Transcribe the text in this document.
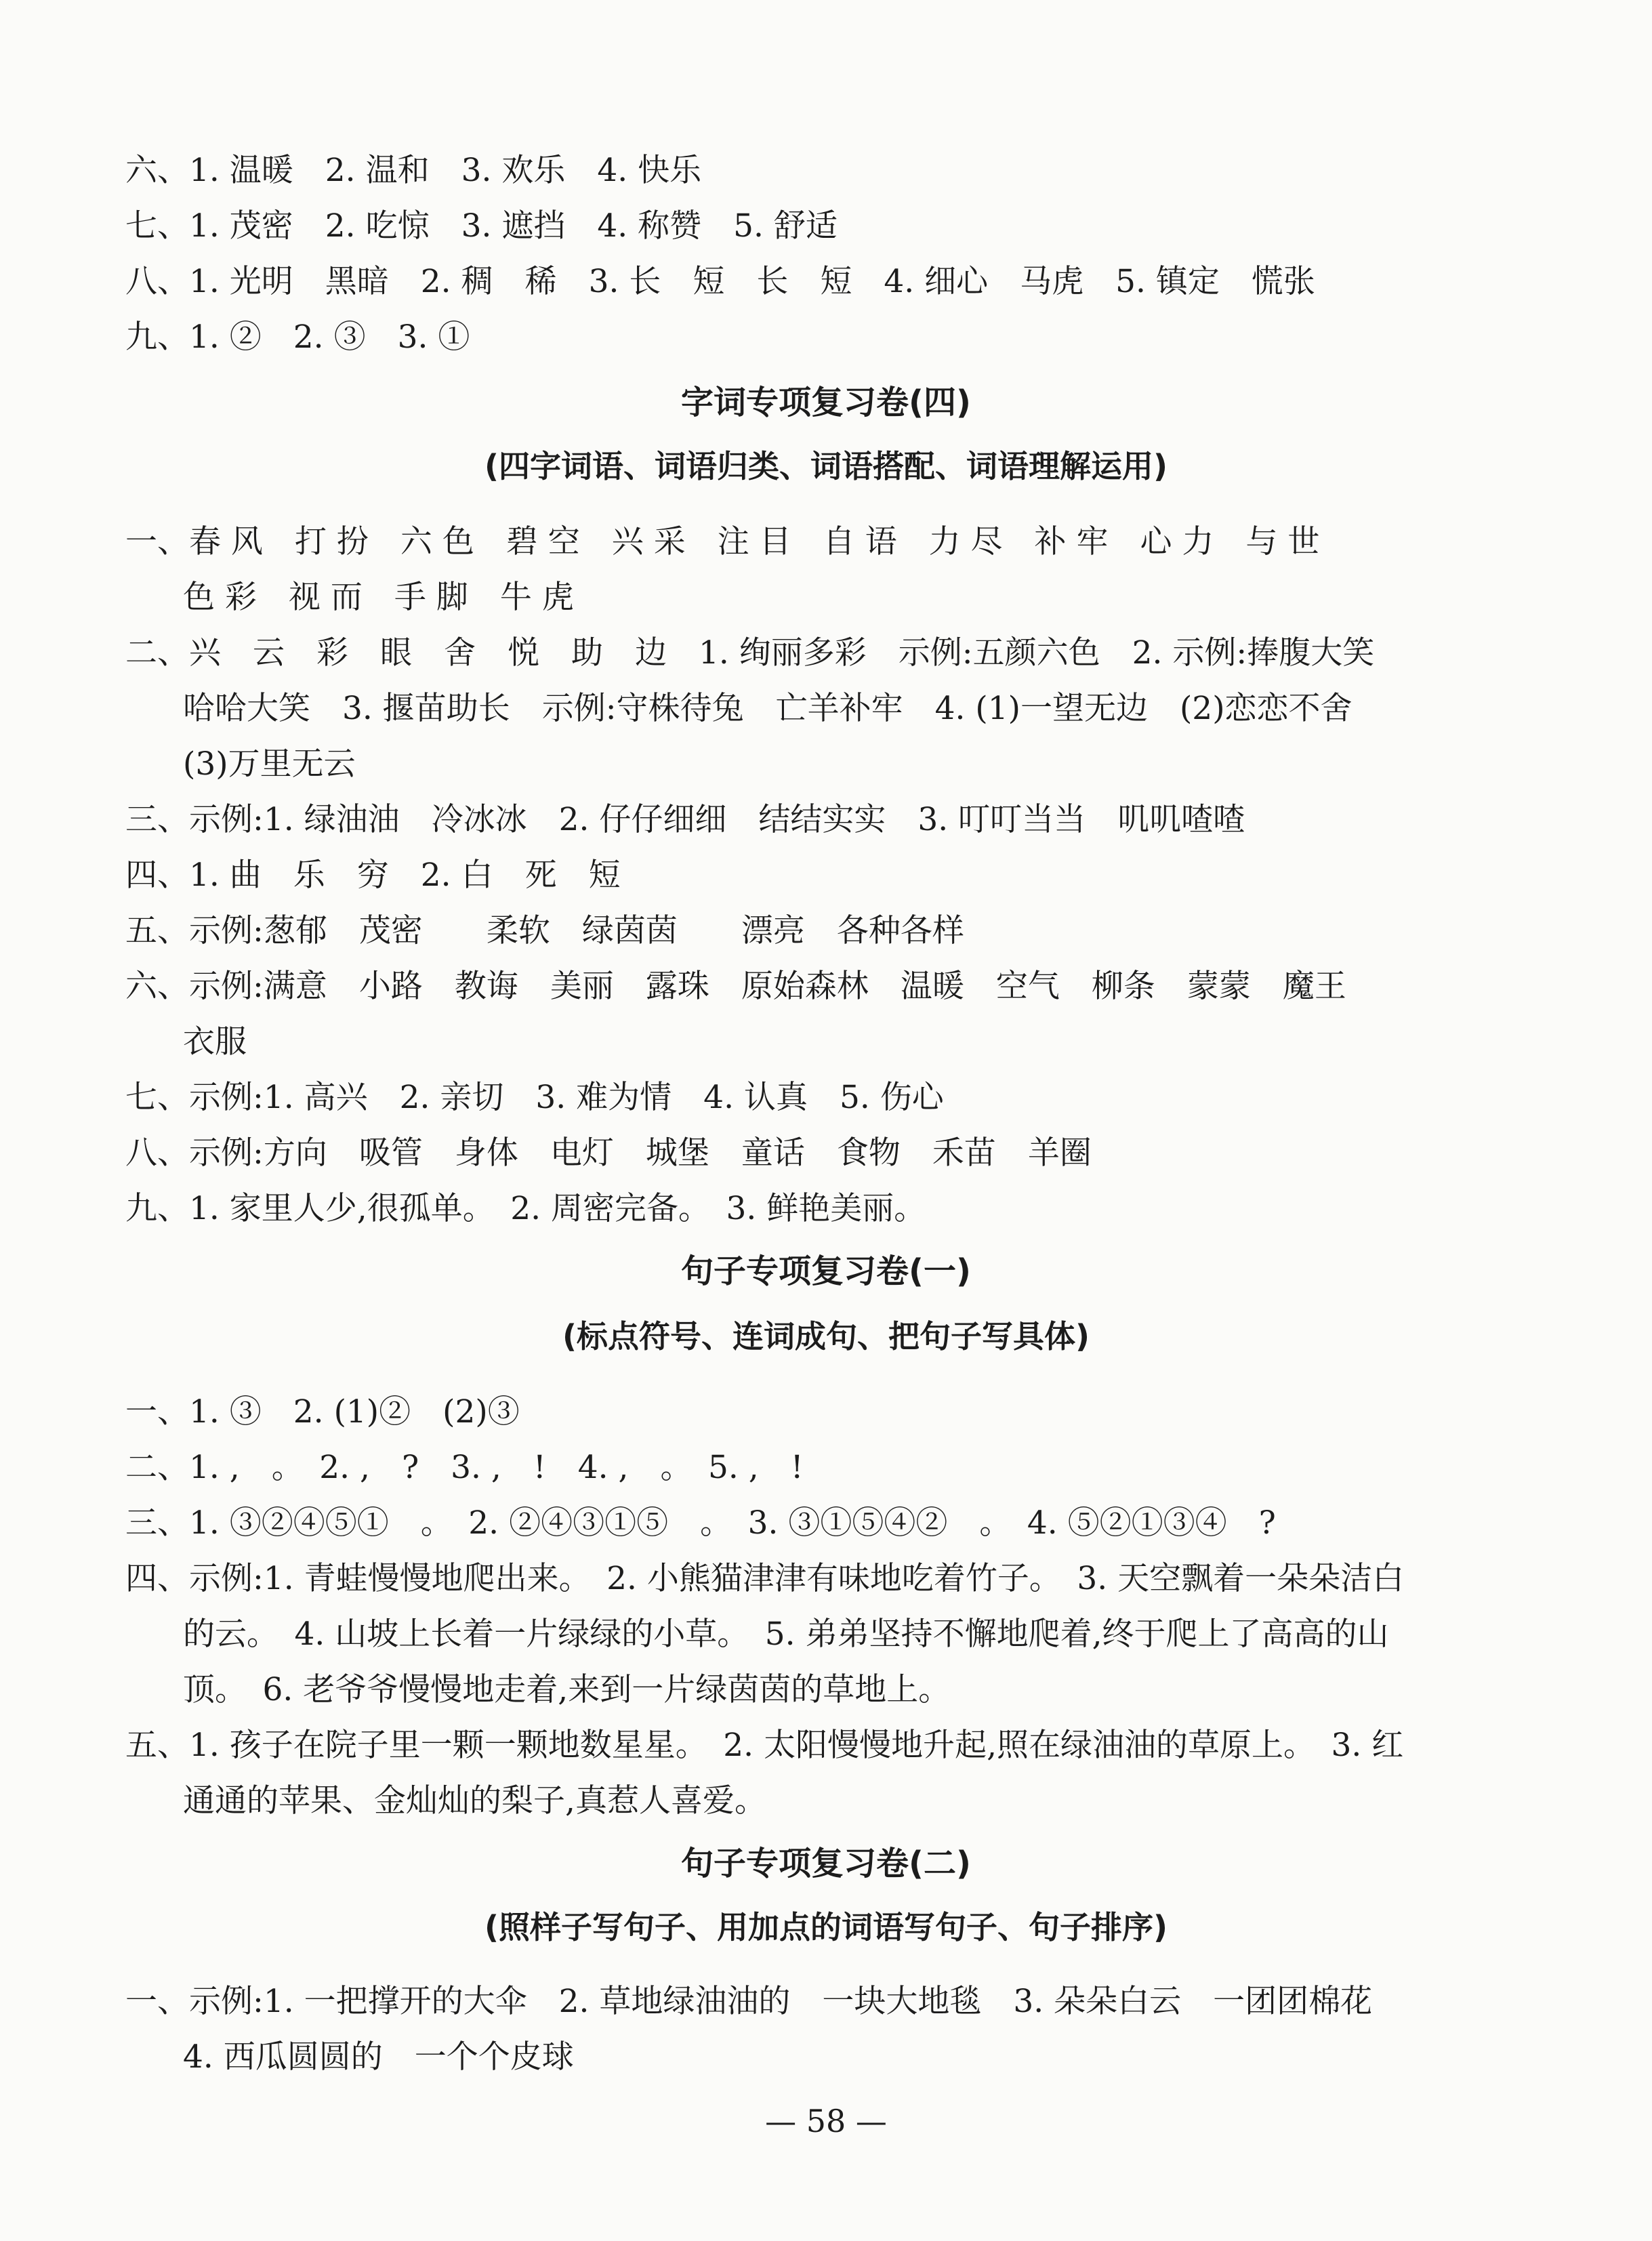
六、1. 温暖　2. 温和　3. 欢乐　4. 快乐
七、1. 茂密　2. 吃惊　3. 遮挡　4. 称赞　5. 舒适
八、1. 光明　黑暗　2. 稠　稀　3. 长　短　长　短　4. 细心　马虎　5. 镇定　慌张
九、1. ②　2. ③　3. ①
字词专项复习卷(四)
(四字词语、词语归类、词语搭配、词语理解运用)
一、春 风　打 扮　六 色　碧 空　兴 采　注 目　自 语　力 尽　补 牢　心 力　与 世
色 彩　视 而　手 脚　牛 虎
二、兴　云　彩　眼　舍　悦　助　边　1. 绚丽多彩　示例:五颜六色　2. 示例:捧腹大笑
哈哈大笑　3. 揠苗助长　示例:守株待兔　亡羊补牢　4. (1)一望无边　(2)恋恋不舍
(3)万里无云
三、示例:1. 绿油油　冷冰冰　2. 仔仔细细　结结实实　3. 叮叮当当　叽叽喳喳
四、1. 曲　乐　穷　2. 白　死　短
五、示例:葱郁　茂密　　柔软　绿茵茵　　漂亮　各种各样
六、示例:满意　小路　教诲　美丽　露珠　原始森林　温暖　空气　柳条　蒙蒙　魔王
衣服
七、示例:1. 高兴　2. 亲切　3. 难为情　4. 认真　5. 伤心
八、示例:方向　吸管　身体　电灯　城堡　童话　食物　禾苗　羊圈
九、1. 家里人少,很孤单。　2. 周密完备。　3. 鲜艳美丽。
句子专项复习卷(一)
(标点符号、连词成句、把句子写具体)
一、1. ③　2. (1)②　(2)③
二、1. ,　。　2. ,　?　3. ,　!　4. ,　。　5. ,　!
三、1. ③②④⑤①　。　2. ②④③①⑤　。　3. ③①⑤④②　。　4. ⑤②①③④　?
四、示例:1. 青蛙慢慢地爬出来。　2. 小熊猫津津有味地吃着竹子。　3. 天空飘着一朵朵洁白
的云。　4. 山坡上长着一片绿绿的小草。　5. 弟弟坚持不懈地爬着,终于爬上了高高的山
顶。　6. 老爷爷慢慢地走着,来到一片绿茵茵的草地上。
五、1. 孩子在院子里一颗一颗地数星星。　2. 太阳慢慢地升起,照在绿油油的草原上。　3. 红
通通的苹果、金灿灿的梨子,真惹人喜爱。
句子专项复习卷(二)
(照样子写句子、用加点的词语写句子、句子排序)
一、示例:1. 一把撑开的大伞　2. 草地绿油油的　一块大地毯　3. 朵朵白云　一团团棉花
4. 西瓜圆圆的　一个个皮球
— 58 —
